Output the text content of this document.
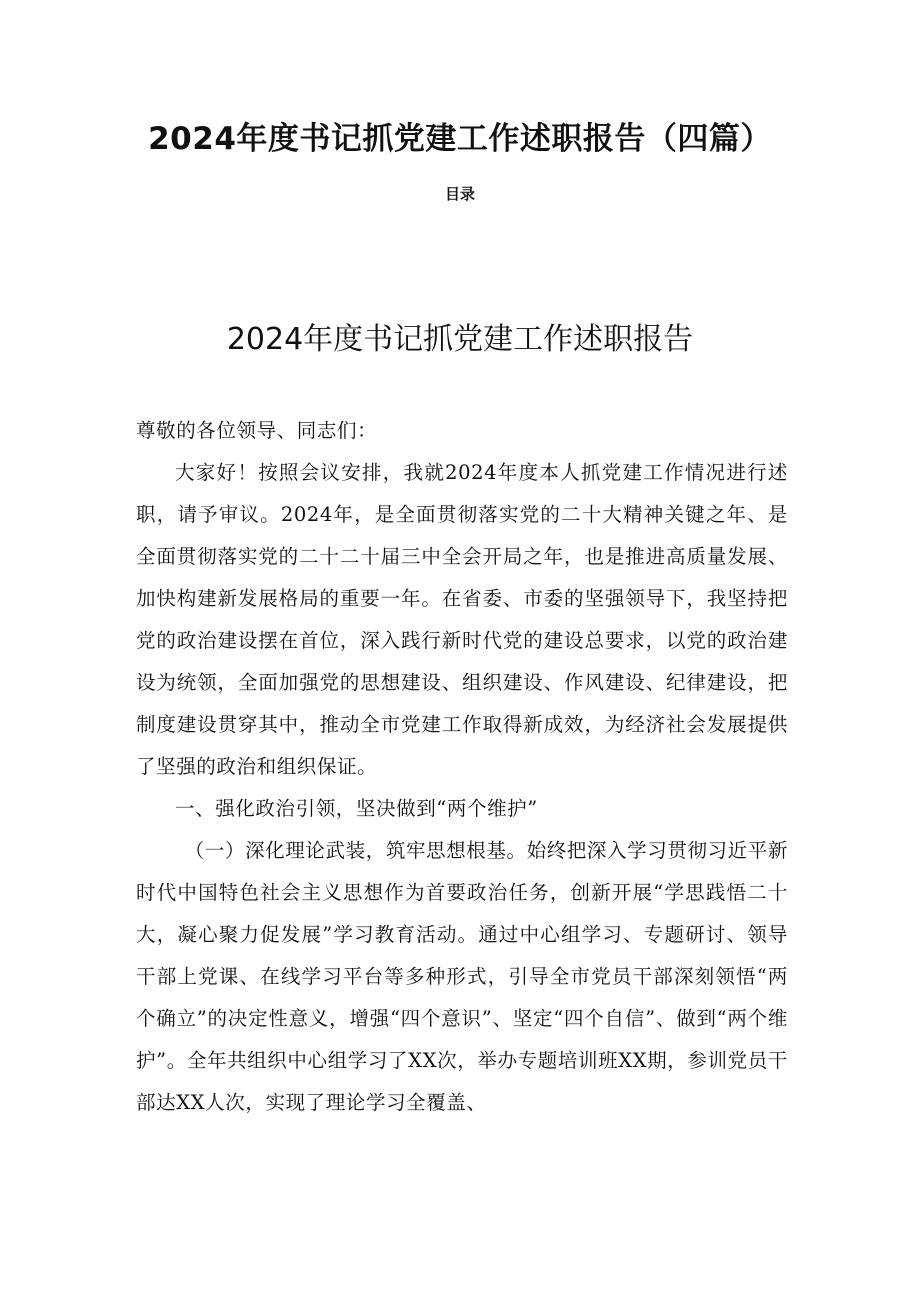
2024年度书记抓党建工作述职报告（四篇）
目录
2024年度书记抓党建工作述职报告

尊敬的各位领导、同志们：

大家好！按照会议安排，我就2024年度本人抓党建工作情况进行述职，请予审议。2024年，是全面贯彻落实党的二十大精神关键之年、是全面贯彻落实党的二十二十届三中全会开局之年，也是推进高质量发展、加快构建新发展格局的重要一年。在省委、市委的坚强领导下，我坚持把党的政治建设摆在首位，深入践行新时代党的建设总要求，以党的政治建设为统领，全面加强党的思想建设、组织建设、作风建设、纪律建设，把制度建设贯穿其中，推动全市党建工作取得新成效，为经济社会发展提供了坚强的政治和组织保证。

一、强化政治引领，坚决做到“两个维护”

（一）深化理论武装，筑牢思想根基。始终把深入学习贯彻习近平新时代中国特色社会主义思想作为首要政治任务，创新开展“学思践悟二十大，凝心聚力促发展”学习教育活动。通过中心组学习、专题研讨、领导干部上党课、在线学习平台等多种形式，引导全市党员干部深刻领悟“两个确立”的决定性意义，增强“四个意识”、坚定“四个自信”、做到“两个维护”。全年共组织中心组学习了XX次，举办专题培训班XX期，参训党员干部达XX人次，实现了理论学习全覆盖、
